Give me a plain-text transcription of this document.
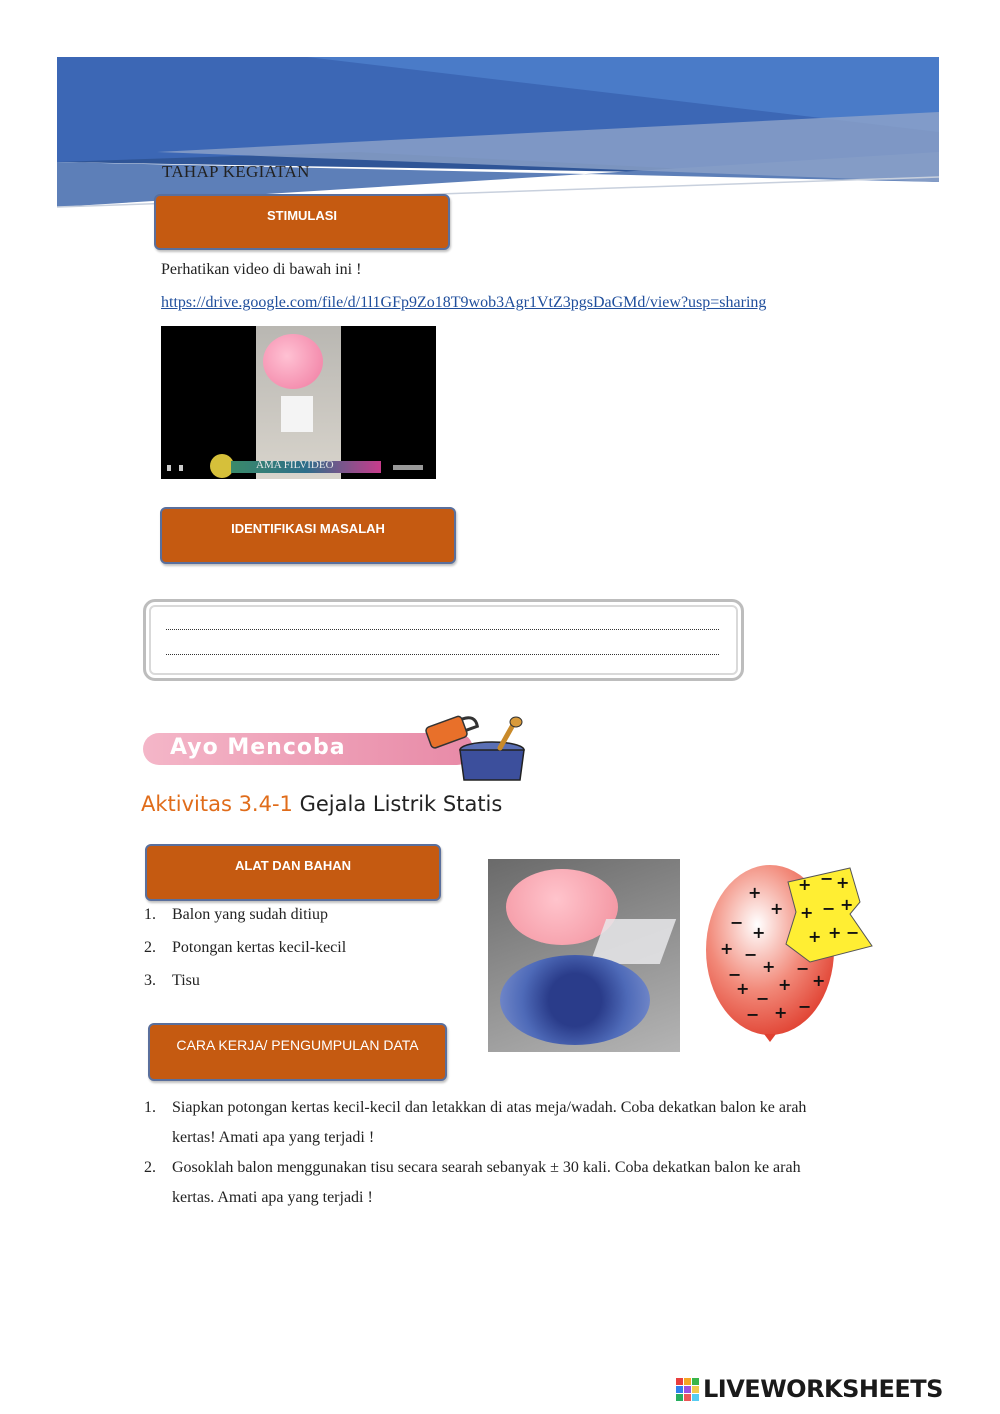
TAHAP KEGIATAN
STIMULASI
Perhatikan video di bawah ini !
https://drive.google.com/file/d/1l1GFp9Zo18T9wob3Agr1VtZ3pgsDaGMd/view?usp=sharing
AMA FILVIDEO
IDENTIFIKASI MASALAH
Ayo Mencoba
Aktivitas 3.4-1 Gejala Listrik Statis
ALAT DAN BAHAN
1.	Balon yang sudah ditiup
2.	Potongan kertas kecil-kecil
3.	Tisu
+
+
−
+
+ −
+
−
+
−
+
−
+
− + −
+ − +
+ − +
+ + −
CARA KERJA/ PENGUMPULAN DATA
1.	Siapkan potongan kertas kecil-kecil dan letakkan di atas meja/wadah. Coba dekatkan balon ke arah kertas! Amati apa yang terjadi !
2.	Gosoklah balon menggunakan tisu secara searah sebanyak ± 30 kali. Coba dekatkan balon ke arah kertas. Amati apa yang terjadi !
LIVEWORKSHEETS
